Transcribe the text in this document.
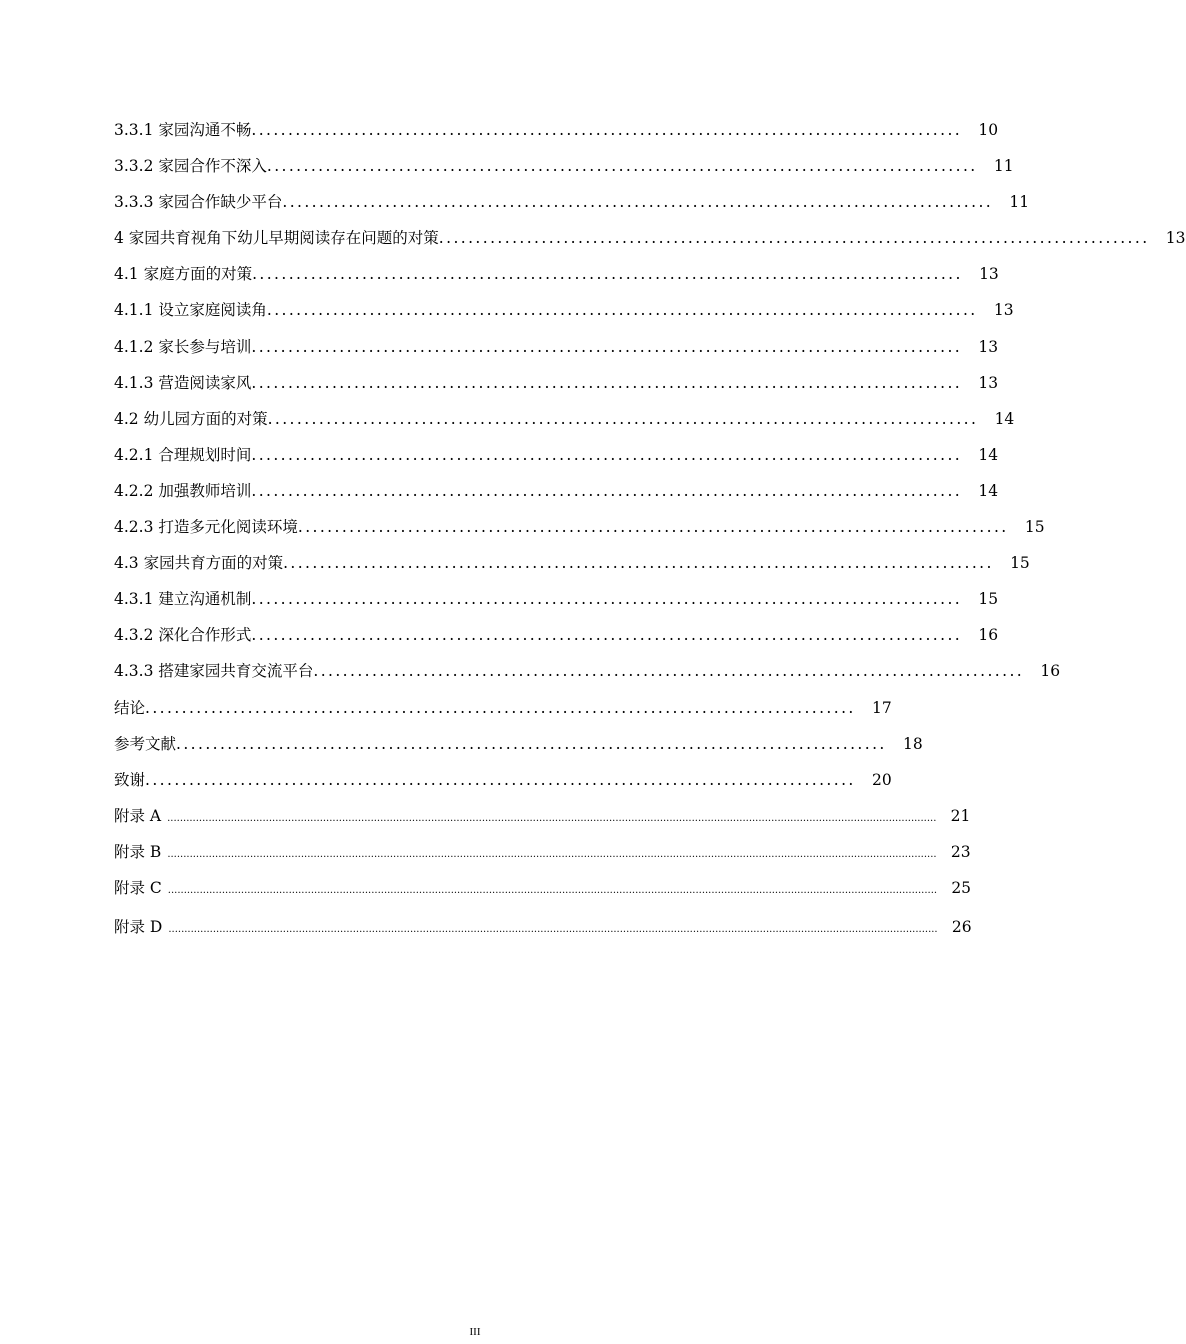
3.3.1 家园沟通不畅 .................................................................................................	10
3.3.2 家园合作不深入 .................................................................................................	11
3.3.3 家园合作缺少平台 .................................................................................................	11
4 家园共育视角下幼儿早期阅读存在问题的对策 .................................................................................................	13
4.1 家庭方面的对策 .................................................................................................	13
4.1.1 设立家庭阅读角 .................................................................................................	13
4.1.2 家长参与培训 .................................................................................................	13
4.1.3 营造阅读家风 .................................................................................................	13
4.2 幼儿园方面的对策 .................................................................................................	14
4.2.1 合理规划时间 .................................................................................................	14
4.2.2 加强教师培训 .................................................................................................	14
4.2.3 打造多元化阅读环境 .................................................................................................	15
4.3 家园共育方面的对策 .................................................................................................	15
4.3.1 建立沟通机制 .................................................................................................	15
4.3.2 深化合作形式 .................................................................................................	16
4.3.3 搭建家园共育交流平台 .................................................................................................	16
结论 .................................................................................................	17
参考文献 .................................................................................................	18
致谢 .................................................................................................	20
附录 A .................................................................................................................................................................................................................................................. 21
附录 B .................................................................................................................................................................................................................................................. 23
附录 C .................................................................................................................................................................................................................................................. 25
附录 D .................................................................................................................................................................................................................................................. 26
III
